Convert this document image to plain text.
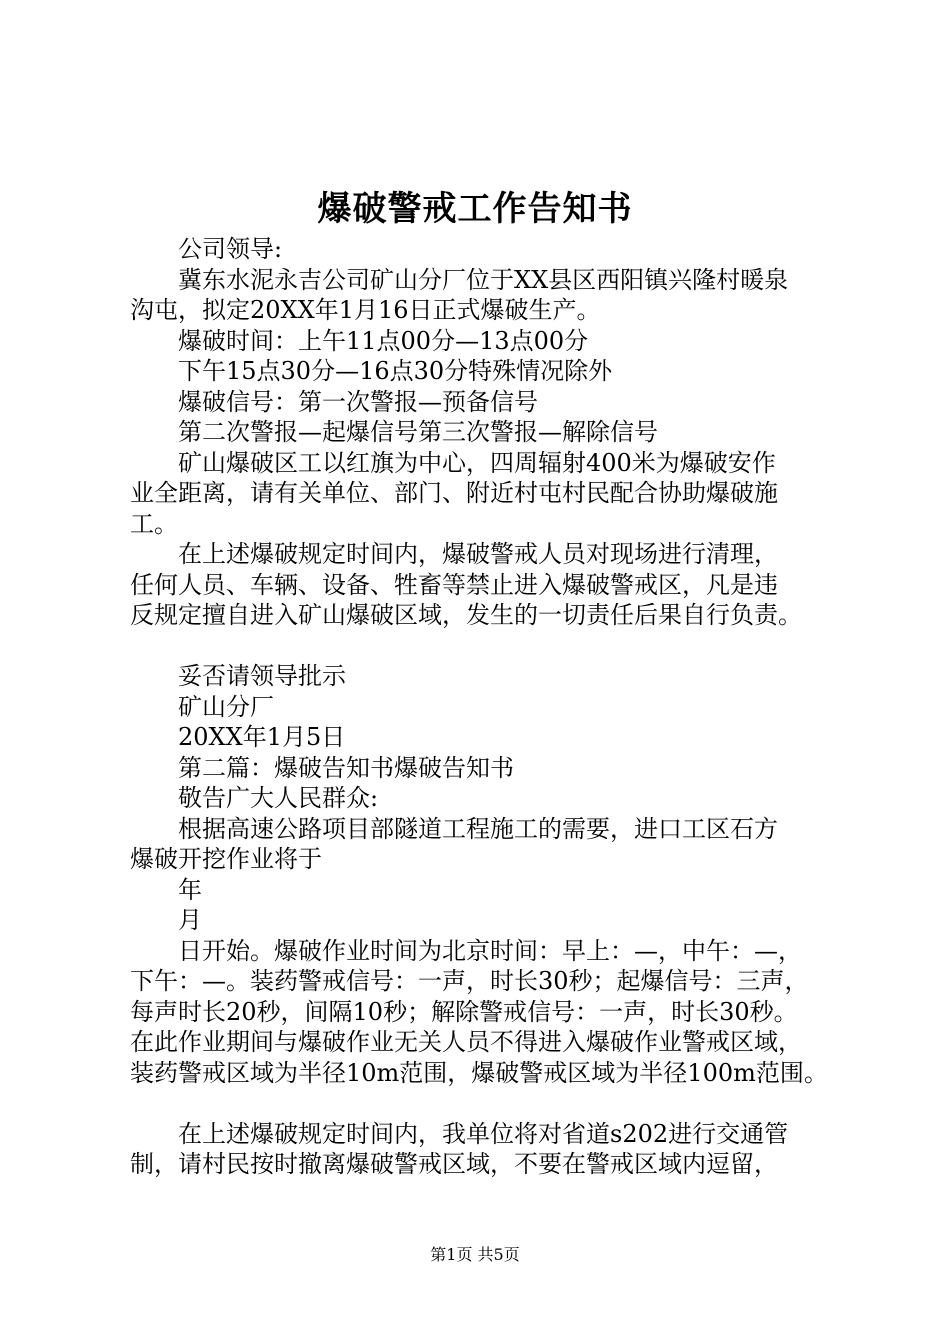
爆破警戒工作告知书

公司领导:

冀东水泥永吉公司矿山分厂位于XX县区西阳镇兴隆村暖泉

沟屯，拟定20XX年1月16日正式爆破生产。

爆破时间：上午11点00分—13点00分

下午15点30分—16点30分特殊情况除外

爆破信号：第一次警报—预备信号

第二次警报—起爆信号第三次警报—解除信号

矿山爆破区工以红旗为中心，四周辐射400米为爆破安作

业全距离，请有关单位、部门、附近村屯村民配合协助爆破施

工。

在上述爆破规定时间内，爆破警戒人员对现场进行清理，

任何人员、车辆、设备、牲畜等禁止进入爆破警戒区，凡是违

反规定擅自进入矿山爆破区域，发生的一切责任后果自行负责。

妥否请领导批示

矿山分厂

20XX年1月5日

第二篇：爆破告知书爆破告知书

敬告广大人民群众:

根据高速公路项目部隧道工程施工的需要，进口工区石方

爆破开挖作业将于

年

月

日开始。爆破作业时间为北京时间：早上：—，中午：—，

下午：—。装药警戒信号：一声，时长30秒；起爆信号：三声，

每声时长20秒，间隔10秒；解除警戒信号：一声，时长30秒。

在此作业期间与爆破作业无关人员不得进入爆破作业警戒区域，

装药警戒区域为半径10m范围，爆破警戒区域为半径100m范围。

在上述爆破规定时间内，我单位将对省道s202进行交通管

制，请村民按时撤离爆破警戒区域，不要在警戒区域内逗留，

第1页 共5页
